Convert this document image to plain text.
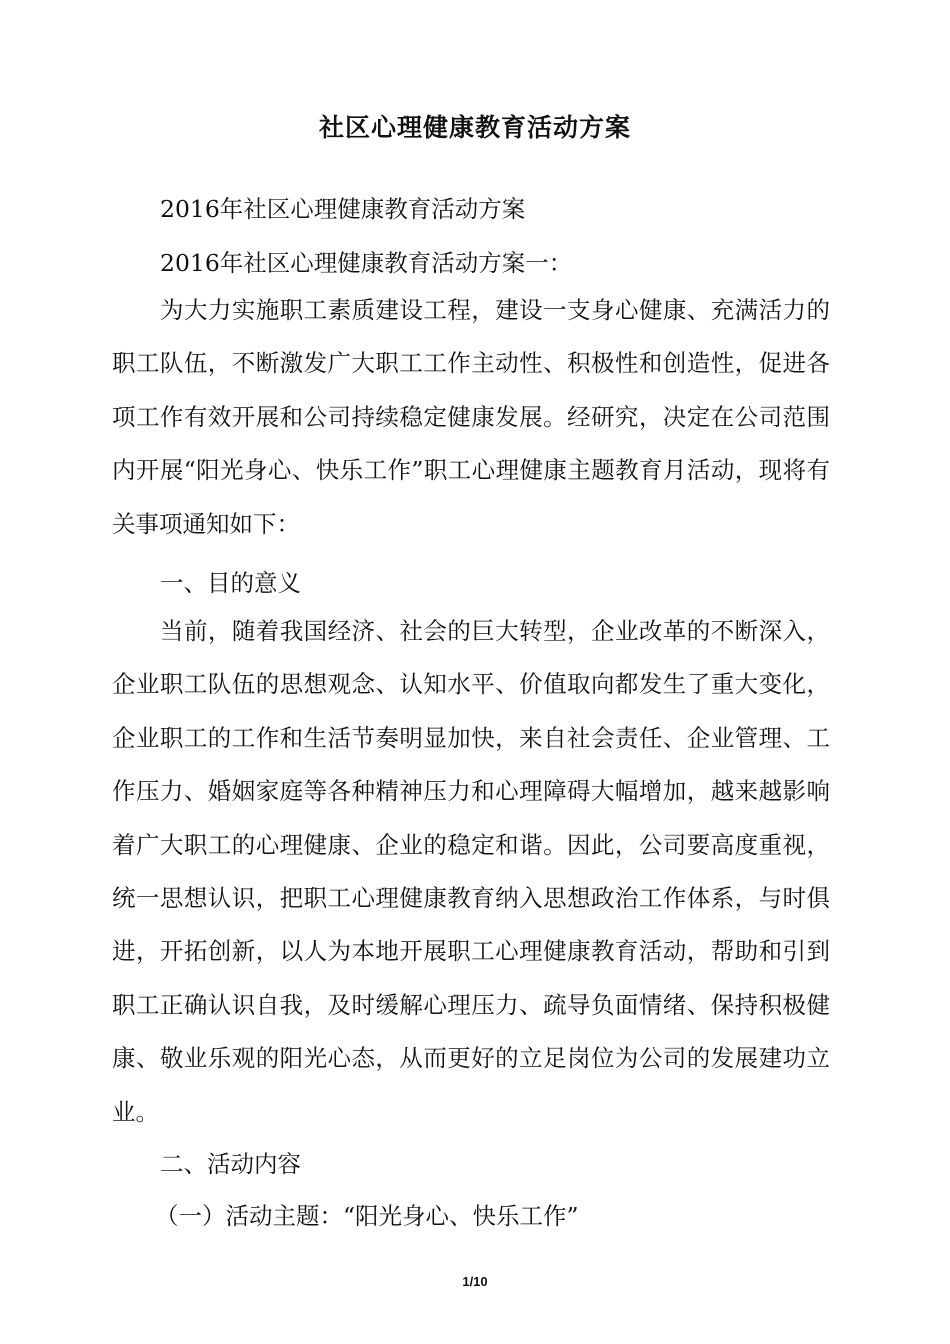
社区心理健康教育活动方案
2016年社区心理健康教育活动方案
2016年社区心理健康教育活动方案一：
为大力实施职工素质建设工程，建设一支身心健康、充满活力的职工队伍，不断激发广大职工工作主动性、积极性和创造性，促进各项工作有效开展和公司持续稳定健康发展。经研究，决定在公司范围内开展“阳光身心、快乐工作”职工心理健康主题教育月活动，现将有关事项通知如下：
一、目的意义
当前，随着我国经济、社会的巨大转型，企业改革的不断深入，企业职工队伍的思想观念、认知水平、价值取向都发生了重大变化，企业职工的工作和生活节奏明显加快，来自社会责任、企业管理、工作压力、婚姻家庭等各种精神压力和心理障碍大幅增加，越来越影响着广大职工的心理健康、企业的稳定和谐。因此，公司要高度重视，统一思想认识，把职工心理健康教育纳入思想政治工作体系，与时俱进，开拓创新，以人为本地开展职工心理健康教育活动，帮助和引到职工正确认识自我，及时缓解心理压力、疏导负面情绪、保持积极健康、敬业乐观的阳光心态，从而更好的立足岗位为公司的发展建功立业。
二、活动内容
（一）活动主题：“阳光身心、快乐工作”
1/10
